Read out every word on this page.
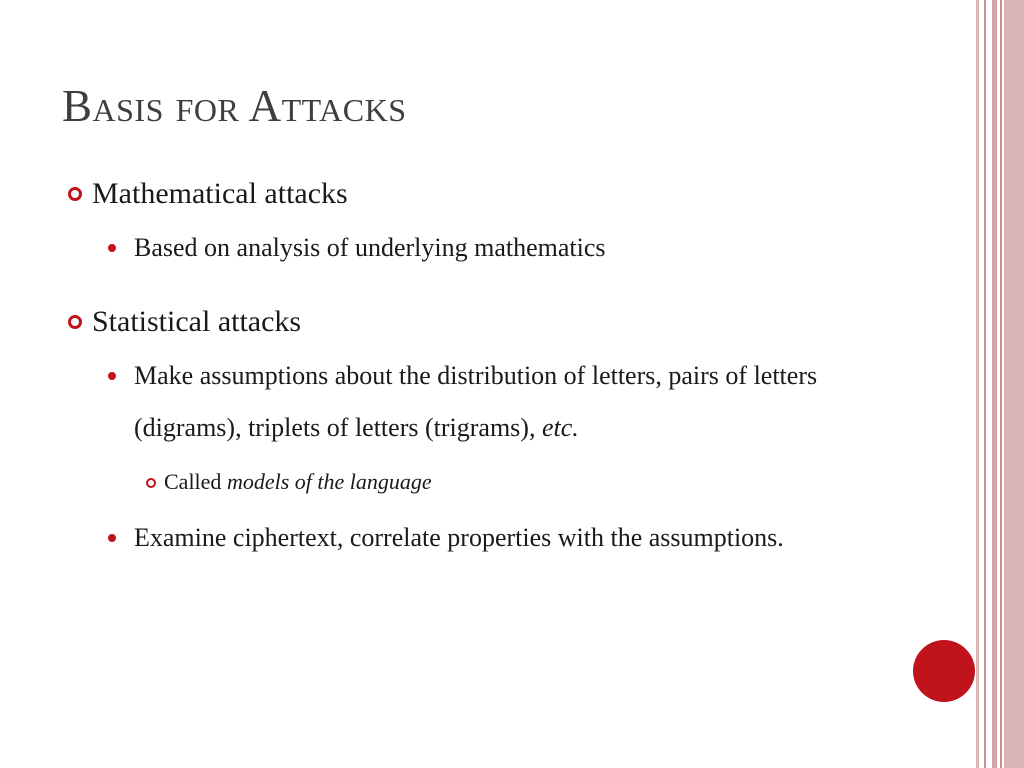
Basis for Attacks
Mathematical attacks
Based on analysis of underlying mathematics
Statistical attacks
Make assumptions about the distribution of letters, pairs of letters (digrams), triplets of letters (trigrams), etc.
Called models of the language
Examine ciphertext, correlate properties with the assumptions.
